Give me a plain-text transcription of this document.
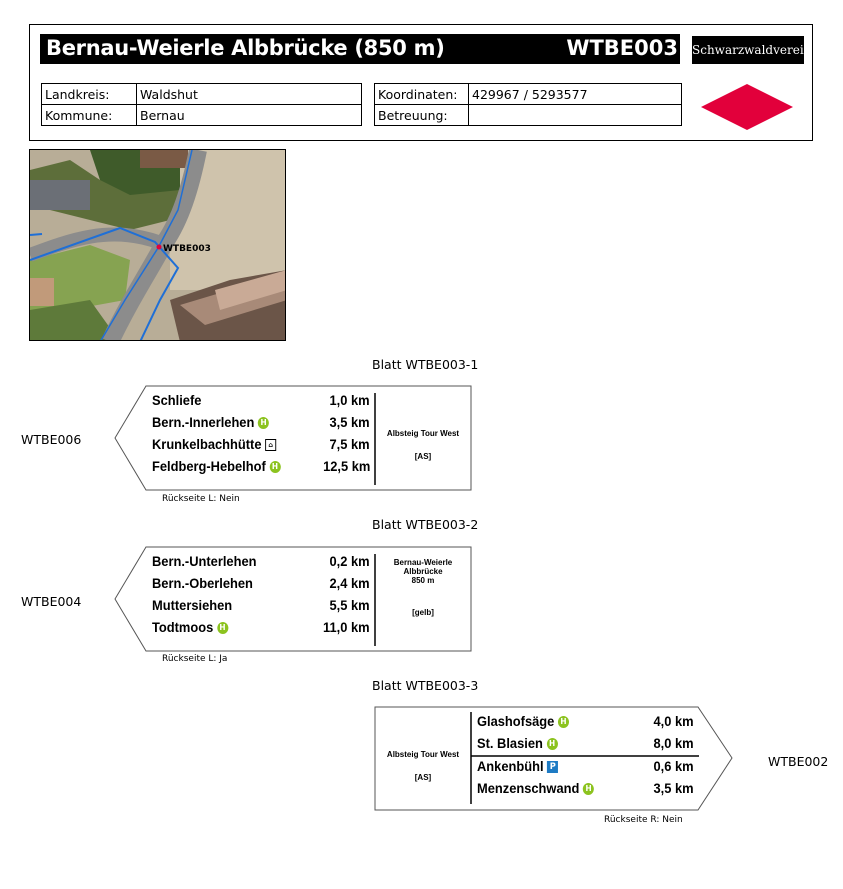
Bernau-Weierle Albbrücke (850 m)	WTBE003 Schwarzwaldverein
Landkreis:	Waldshut
Kommune:	Bernau
Koordinaten:	429967 / 5293577
Betreuung:	
WTBE003
Blatt WTBE003-1
WTBE006
Schliefe	1,0 km
Bern.-Innerlehen H	3,5 km
Krunkelbachhütte ⌂	7,5 km
Feldberg-Hebelhof H	12,5 km
Albsteig Tour West
[AS]
Rückseite L: Nein
Blatt WTBE003-2
WTBE004
Bern.-Unterlehen	0,2 km
Bern.-Oberlehen	2,4 km
Muttersiehen	5,5 km
Todtmoos H	11,0 km
Bernau-Weierle
Albbrücke
850 m
[gelb]
Rückseite L: Ja
Blatt WTBE003-3
WTBE002
Albsteig Tour West
[AS]
Glashofsäge H	4,0 km
St. Blasien H	8,0 km
Ankenbühl P	0,6 km
Menzenschwand H	3,5 km
Rückseite R: Nein
